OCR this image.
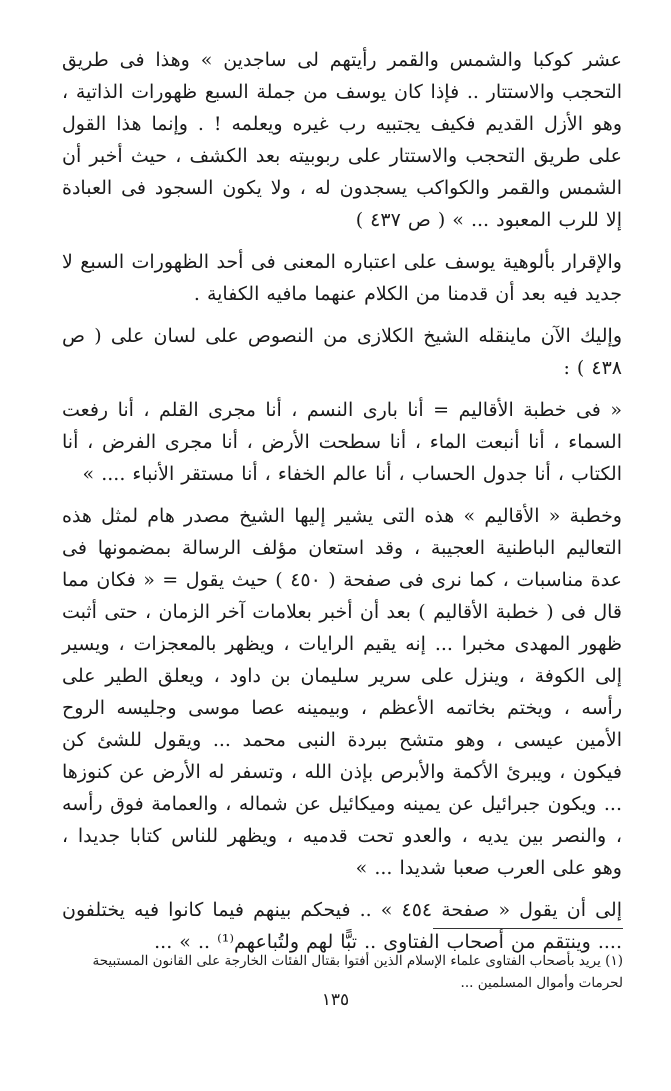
عشر كوكبا والشمس والقمر رأيتهم لى ساجدين » وهذا فى طريق التحجب والاستتار .. فإذا كان يوسف من جملة السبع ظهورات الذاتية ، وهو الأزل القديم فكيف يجتبيه رب غيره ويعلمه ! . وإنما هذا القول على طريق التحجب والاستتار على ربوبيته بعد الكشف ، حيث أخبر أن الشمس والقمر والكواكب يسجدون له ، ولا يكون السجود فى العبادة إلا للرب المعبود ... » ( ص ٤٣٧ )

والإقرار بألوهية يوسف على اعتباره المعنى فى أحد الظهورات السبع لا جديد فيه بعد أن قدمنا من الكلام عنهما مافيه الكفاية .

وإليك الآن ماينقله الشيخ الكلازى من النصوص على لسان على ( ص ٤٣٨ ) :

« فى خطبة الأقاليم = أنا بارى النسم ، أنا مجرى القلم ، أنا رفعت السماء ، أنا أنبعت الماء ، أنا سطحت الأرض ، أنا مجرى الفرض ، أنا الكتاب ، أنا جدول الحساب ، أنا عالم الخفاء ، أنا مستقر الأنباء .... »

وخطبة « الأقاليم » هذه التى يشير إليها الشيخ مصدر هام لمثل هذه التعاليم الباطنية العجيبة ، وقد استعان مؤلف الرسالة بمضمونها فى عدة مناسبات ، كما نرى فى صفحة ( ٤٥٠ ) حيث يقول = « فكان مما قال فى ( خطبة الأقاليم ) بعد أن أخبر بعلامات آخر الزمان ، حتى أثبت ظهور المهدى مخبرا ... إنه يقيم الرايات ، ويظهر بالمعجزات ، ويسير إلى الكوفة ، وينزل على سرير سليمان بن داود ، ويعلق الطير على رأسه ، ويختم بخاتمه الأعظم ، وبيمينه عصا موسى وجليسه الروح الأمين عيسى ، وهو متشح ببردة النبى محمد ... ويقول للشئ كن فيكون ، ويبرئ الأكمة والأبرص بإذن الله ، وتسفر له الأرض عن كنوزها ... ويكون جبرائيل عن يمينه وميكائيل عن شماله ، والعمامة فوق رأسه ، والنصر بين يديه ، والعدو تحت قدميه ، ويظهر للناس كتابا جديدا ، وهو على العرب صعبا شديدا ... »

إلى أن يقول « صفحة ٤٥٤ » .. فيحكم بينهم فيما كانوا فيه يختلفون .... وينتقم من أصحاب الفتاوى .. تبًّا لهم ولتُباعهم⁽¹⁾ .. » ...

(١) يريد بأصحاب الفتاوى علماء الإسلام الذين أفتوا بقتال الفئات الخارجة على القانون المستبيحة لحرمات وأموال المسلمين ...

١٣٥
